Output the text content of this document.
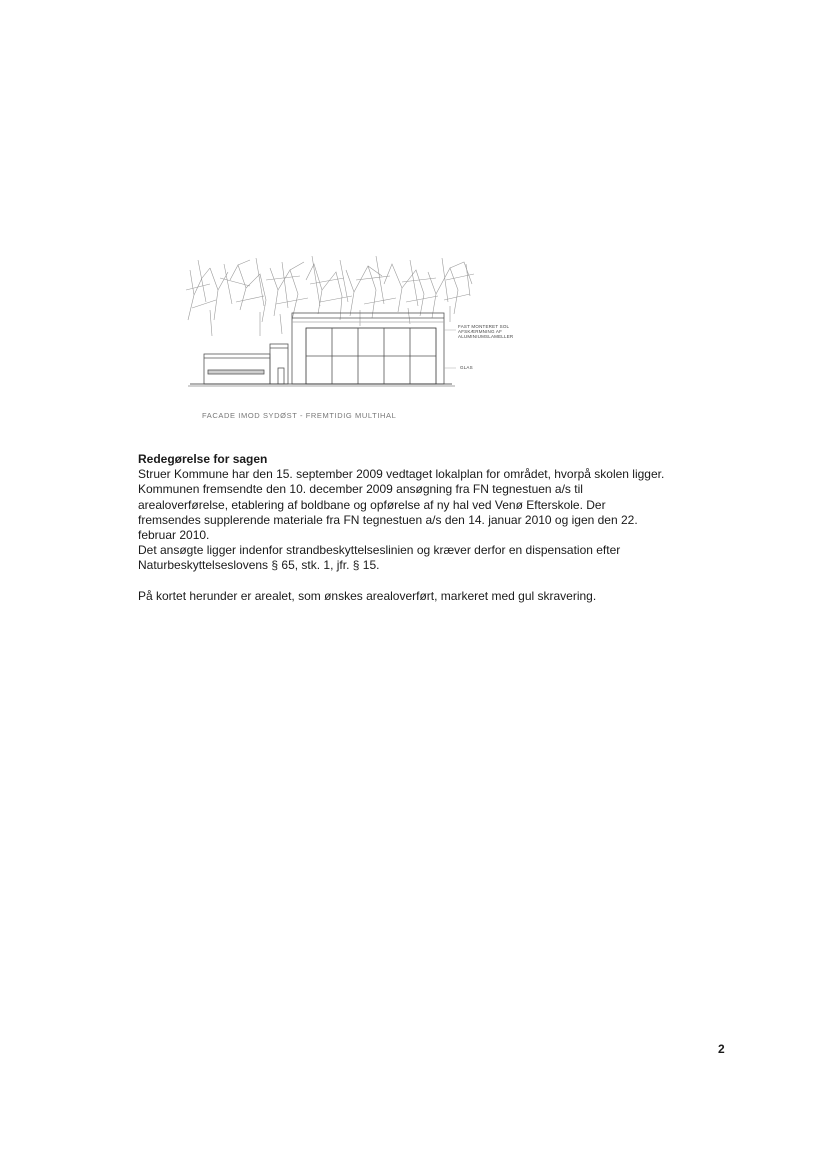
FAST MONTERET SOL
AFSKÆRMNING AF
ALUMINIUMSLAMELLER
GLAS
FACADE IMOD SYDØST - FREMTIDIG MULTIHAL

Redegørelse for sagen

Struer Kommune har den 15. september 2009 vedtaget lokalplan for området, hvorpå skolen ligger.

Kommunen fremsendte den 10. december 2009 ansøgning fra FN tegnestuen a/s til

arealoverførelse, etablering af boldbane og opførelse af ny hal ved Venø Efterskole. Der

fremsendes supplerende materiale fra FN tegnestuen a/s den 14. januar 2010 og igen den 22.

februar 2010.

Det ansøgte ligger indenfor strandbeskyttelseslinien og kræver derfor en dispensation efter

Naturbeskyttelseslovens § 65, stk. 1, jfr. § 15.

På kortet herunder er arealet, som ønskes arealoverført, markeret med gul skravering.

2
